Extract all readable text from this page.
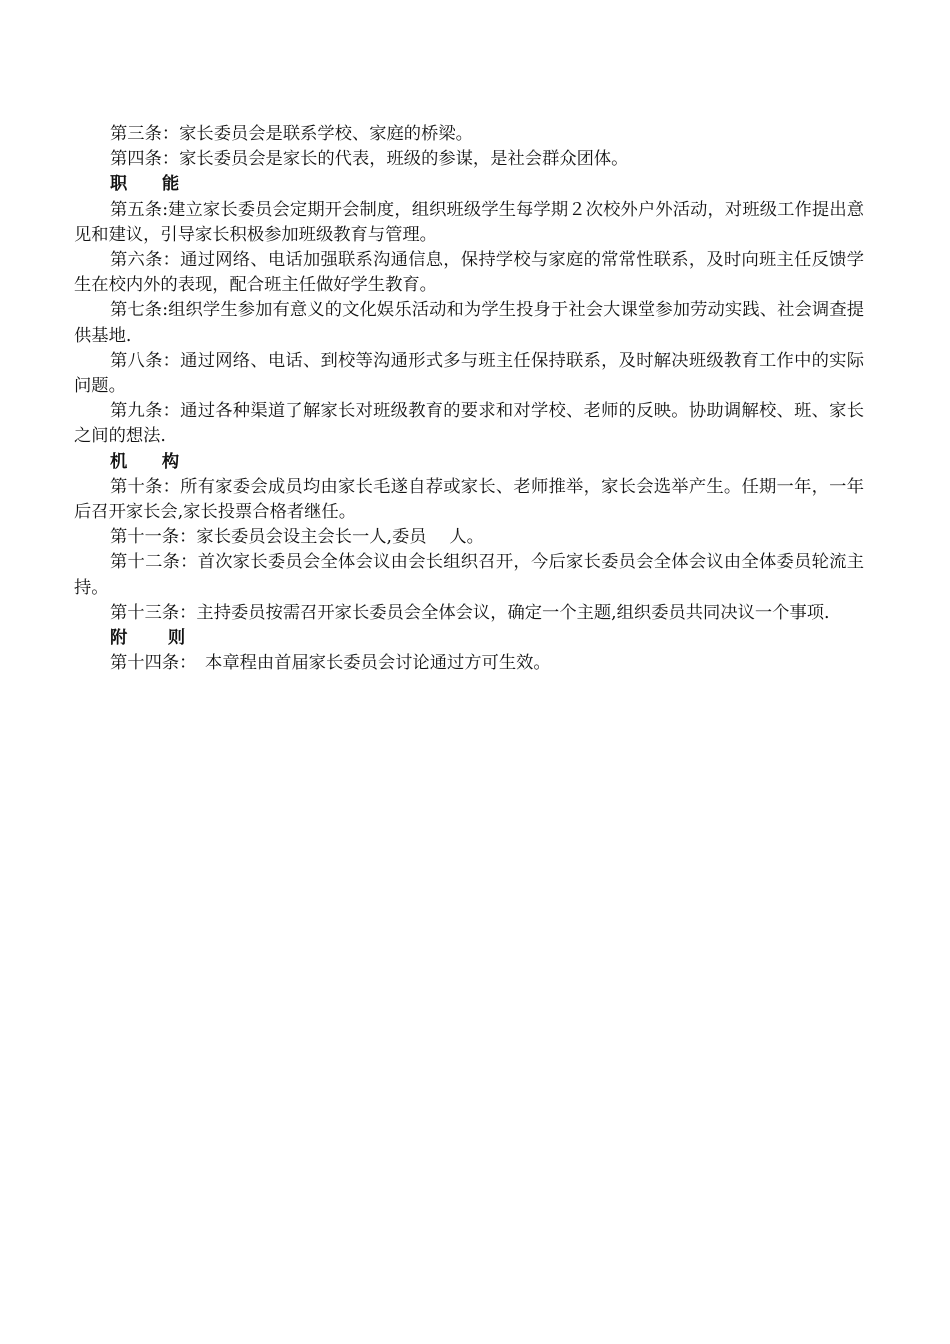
第三条：家长委员会是联系学校、家庭的桥梁。

第四条：家长委员会是家长的代表，班级的参谋，是社会群众团体。

职　　能

第五条:建立家长委员会定期开会制度，组织班级学生每学期２次校外户外活动，对班级工作提出意见和建议，引导家长积极参加班级教育与管理。

第六条：通过网络、电话加强联系沟通信息，保持学校与家庭的常常性联系，及时向班主任反馈学生在校内外的表现，配合班主任做好学生教育。

第七条:组织学生参加有意义的文化娱乐活动和为学生投身于社会大课堂参加劳动实践、社会调查提供基地.

第八条：通过网络、电话、到校等沟通形式多与班主任保持联系，及时解决班级教育工作中的实际问题。

第九条：通过各种渠道了解家长对班级教育的要求和对学校、老师的反映。协助调解校、班、家长之间的想法.

机　　构

第十条：所有家委会成员均由家长毛遂自荐或家长、老师推举，家长会选举产生。任期一年，一年后召开家长会,家长投票合格者继任。

第十一条：家长委员会设主会长一人,委员　 人。

第十二条：首次家长委员会全体会议由会长组织召开，今后家长委员会全体会议由全体委员轮流主持。

第十三条：主持委员按需召开家长委员会全体会议，确定一个主题,组织委员共同决议一个事项.

附　　 则

第十四条：　本章程由首届家长委员会讨论通过方可生效。
